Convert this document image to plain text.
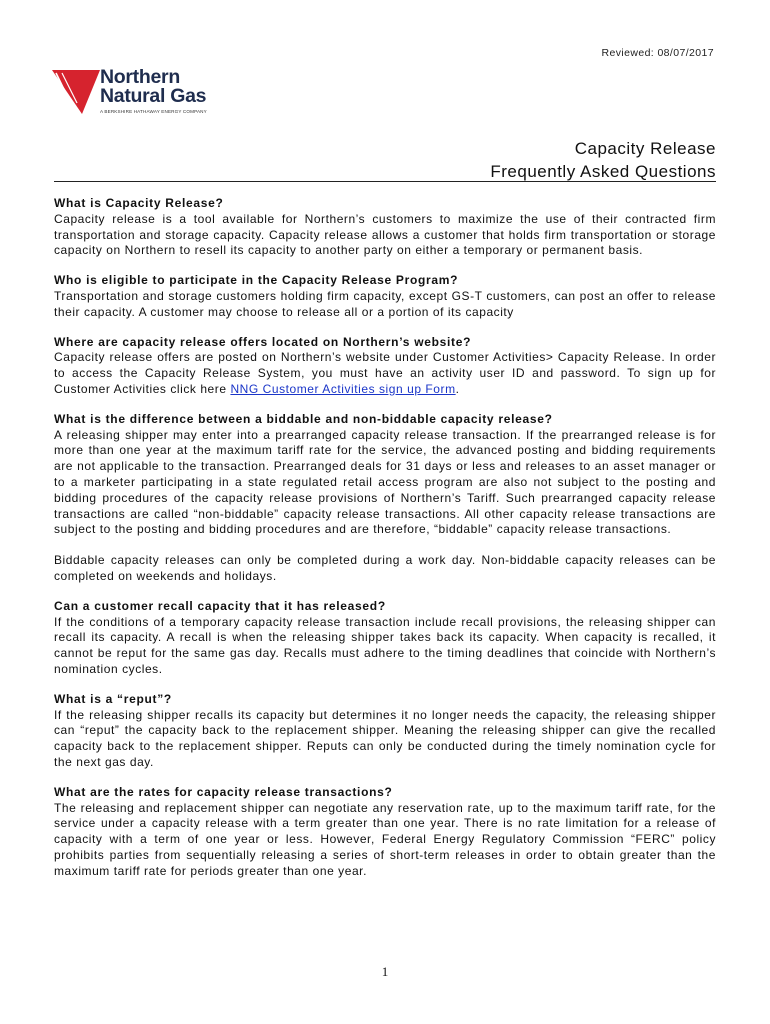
Reviewed: 08/07/2017
Northern
Natural Gas
A BERKSHIRE HATHAWAY ENERGY COMPANY
Capacity Release
Frequently Asked Questions
What is Capacity Release?

Capacity release is a tool available for Northern’s customers to maximize the use of their contracted firm transportation and storage capacity. Capacity release allows a customer that holds firm transportation or storage capacity on Northern to resell its capacity to another party on either a temporary or permanent basis.

Who is eligible to participate in the Capacity Release Program?

Transportation and storage customers holding firm capacity, except GS-T customers, can post an offer to release their capacity. A customer may choose to release all or a portion of its capacity

Where are capacity release offers located on Northern’s website?

Capacity release offers are posted on Northern’s website under Customer Activities> Capacity Release. In order to access the Capacity Release System, you must have an activity user ID and password. To sign up for Customer Activities click here NNG Customer Activities sign up Form.

What is the difference between a biddable and non-biddable capacity release?

A releasing shipper may enter into a prearranged capacity release transaction. If the prearranged release is for more than one year at the maximum tariff rate for the service, the advanced posting and bidding requirements are not applicable to the transaction. Prearranged deals for 31 days or less and releases to an asset manager or to a marketer participating in a state regulated retail access program are also not subject to the posting and bidding procedures of the capacity release provisions of Northern’s Tariff. Such prearranged capacity release transactions are called “non-biddable” capacity release transactions. All other capacity release transactions are subject to the posting and bidding procedures and are therefore, “biddable” capacity release transactions.

Biddable capacity releases can only be completed during a work day. Non-biddable capacity releases can be completed on weekends and holidays.

Can a customer recall capacity that it has released?

If the conditions of a temporary capacity release transaction include recall provisions, the releasing shipper can recall its capacity. A recall is when the releasing shipper takes back its capacity. When capacity is recalled, it cannot be reput for the same gas day. Recalls must adhere to the timing deadlines that coincide with Northern’s nomination cycles.

What is a “reput”?

If the releasing shipper recalls its capacity but determines it no longer needs the capacity, the releasing shipper can “reput” the capacity back to the replacement shipper. Meaning the releasing shipper can give the recalled capacity back to the replacement shipper. Reputs can only be conducted during the timely nomination cycle for the next gas day.

What are the rates for capacity release transactions?

The releasing and replacement shipper can negotiate any reservation rate, up to the maximum tariff rate, for the service under a capacity release with a term greater than one year. There is no rate limitation for a release of capacity with a term of one year or less. However, Federal Energy Regulatory Commission “FERC” policy prohibits parties from sequentially releasing a series of short-term releases in order to obtain greater than the maximum tariff rate for periods greater than one year.

1
